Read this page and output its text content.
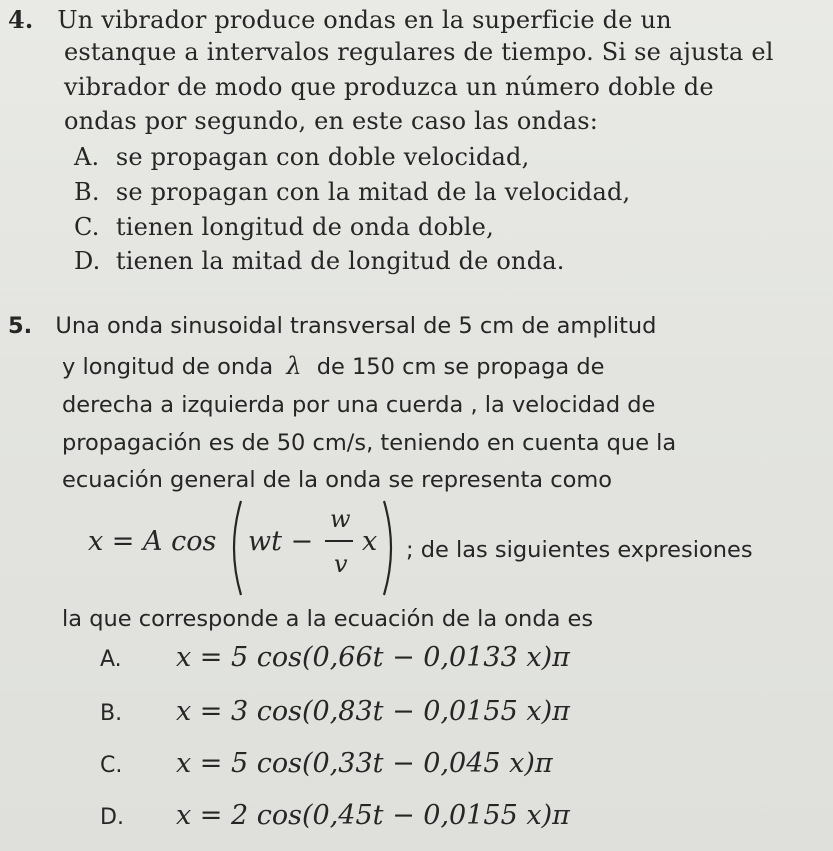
4. Un vibrador produce ondas en la superficie de un
estanque a intervalos regulares de tiempo. Si se ajusta el
vibrador de modo que produzca un número doble de
ondas por segundo, en este caso las ondas:
A. se propagan con doble velocidad,
B. se propagan con la mitad de la velocidad,
C. tienen longitud de onda doble,
D. tienen la mitad de longitud de onda.
5. Una onda sinusoidal transversal de 5 cm de amplitud
y longitud de onda λ de 150 cm se propaga de
derecha a izquierda por una cuerda , la velocidad de
propagación es de 50 cm/s, teniendo en cuenta que la
ecuación general de la onda se representa como
x = A cos wt −
w
v
x ; de las siguientes expresiones
la que corresponde a la ecuación de la onda es
A. x = 5 cos(0,66t − 0,0133 x)π
B. x = 3 cos(0,83t − 0,0155 x)π
C. x = 5 cos(0,33t − 0,045 x)π
D. x = 2 cos(0,45t − 0,0155 x)π
